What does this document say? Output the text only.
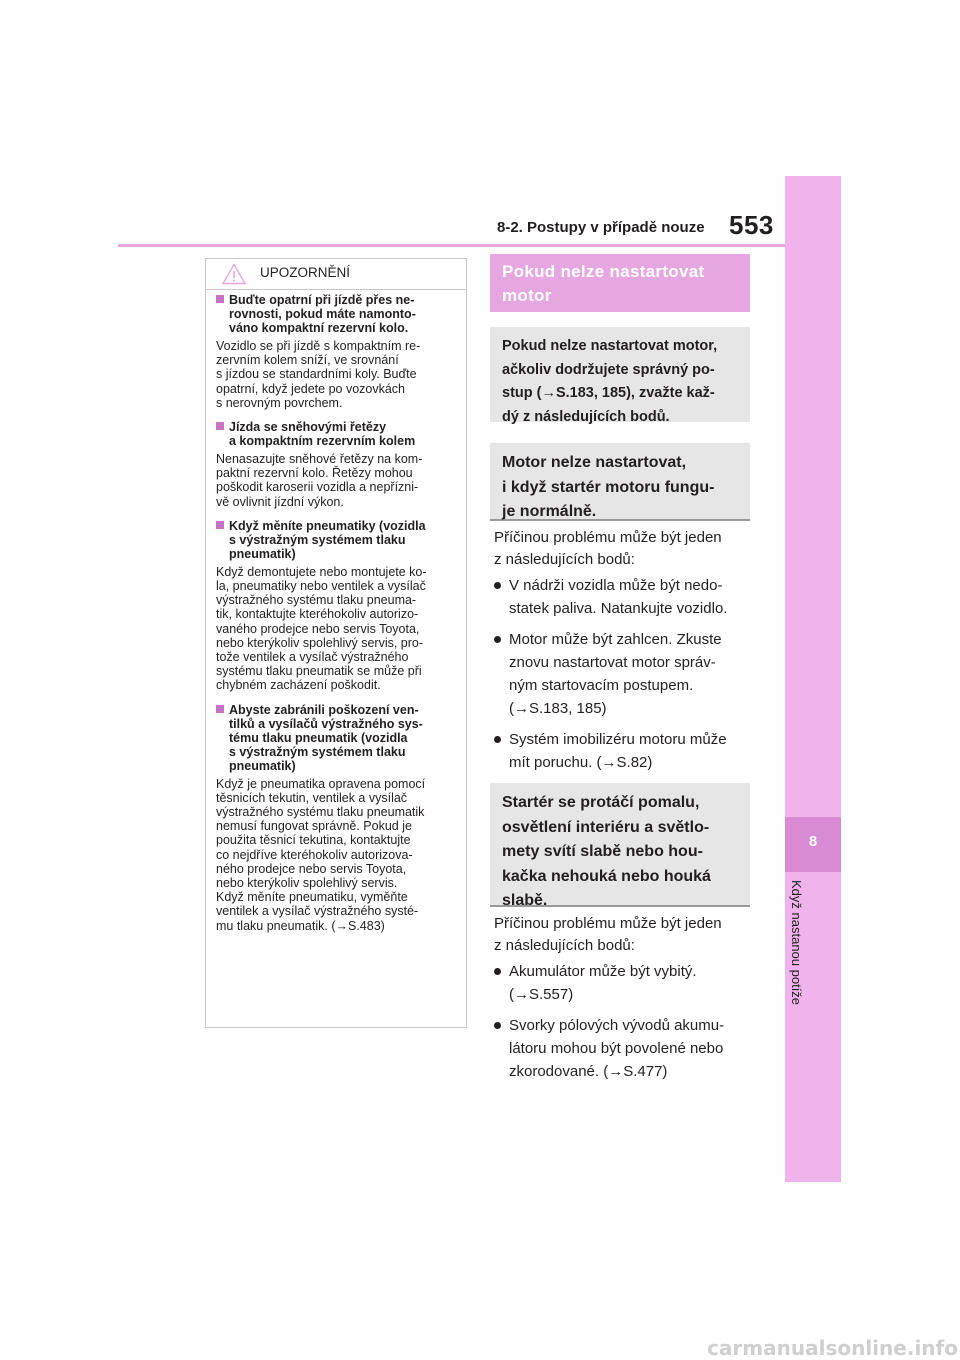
8-2. Postupy v případě nouze 553
8
Když nastanou potíže
UPOZORNĚNÍ
Buďte opatrní při jízdě přes ne-
rovnosti, pokud máte namonto-
váno kompaktní rezervní kolo.
Vozidlo se při jízdě s kompaktním re-
zervním kolem sníží, ve srovnání
s jízdou se standardními koly. Buďte
opatrní, když jedete po vozovkách
s nerovným povrchem.
Jízda se sněhovými řetězy
a kompaktním rezervním kolem
Nenasazujte sněhové řetězy na kom-
paktní rezervní kolo. Řetězy mohou
poškodit karoserii vozidla a nepřízni-
vě ovlivnit jízdní výkon.
Když měníte pneumatiky (vozidla
s výstražným systémem tlaku
pneumatik)
Když demontujete nebo montujete ko-
la, pneumatiky nebo ventilek a vysílač
výstražného systému tlaku pneuma-
tik, kontaktujte kteréhokoliv autorizo-
vaného prodejce nebo servis Toyota,
nebo kterýkoliv spolehlivý servis, pro-
tože ventilek a vysílač výstražného
systému tlaku pneumatik se může při
chybném zacházení poškodit.
Abyste zabránili poškození ven-
tilků a vysílačů výstražného sys-
tému tlaku pneumatik (vozidla
s výstražným systémem tlaku
pneumatik)
Když je pneumatika opravena pomocí
těsnicích tekutin, ventilek a vysílač
výstražného systému tlaku pneumatik
nemusí fungovat správně. Pokud je
použita těsnicí tekutina, kontaktujte
co nejdříve kteréhokoliv autorizova-
ného prodejce nebo servis Toyota,
nebo kterýkoliv spolehlivý servis.
Když měníte pneumatiku, vyměňte
ventilek a vysílač výstražného systé-
mu tlaku pneumatik. (→S.483)
Pokud nelze nastartovat
motor
Pokud nelze nastartovat motor,
ačkoliv dodržujete správný po-
stup (→S.183, 185), zvažte kaž-
dý z následujících bodů.
Motor nelze nastartovat,
i když startér motoru fungu-
je normálně.
Příčinou problému může být jeden
z následujících bodů:
V nádrži vozidla může být nedo-
statek paliva. Natankujte vozidlo.
Motor může být zahlcen. Zkuste
znovu nastartovat motor správ-
ným startovacím postupem.
(→S.183, 185)
Systém imobilizéru motoru může
mít poruchu. (→S.82)
Startér se protáčí pomalu,
osvětlení interiéru a světlo-
mety svítí slabě nebo hou-
kačka nehouká nebo houká
slabě.
Příčinou problému může být jeden
z následujících bodů:
Akumulátor může být vybitý.
(→S.557)
Svorky pólových vývodů akumu-
látoru mohou být povolené nebo
zkorodované. (→S.477)
carmanualsonline.info
